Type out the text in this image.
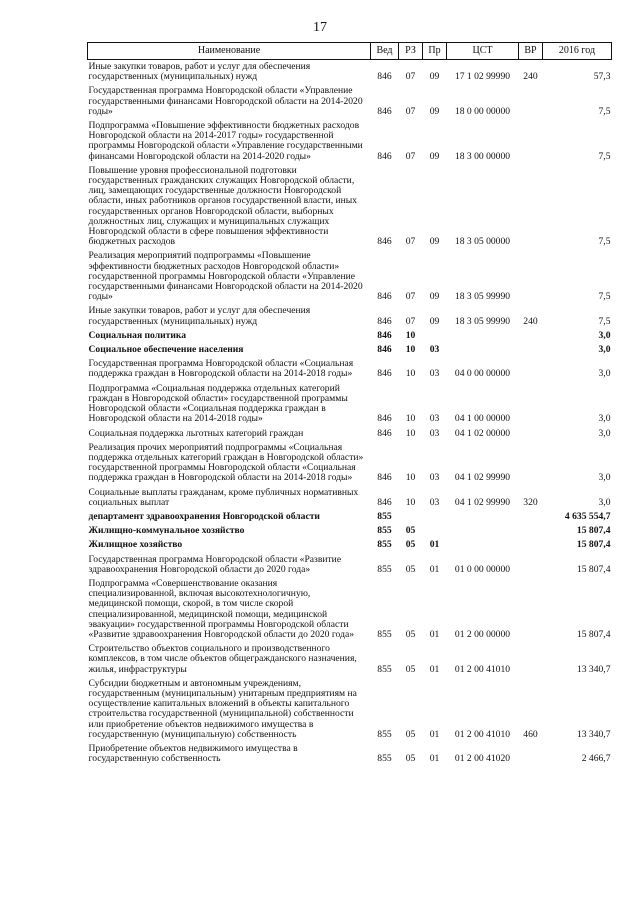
17
Наименование	Вед	РЗ	Пр	ЦСТ	ВР	2016 год
Иные закупки товаров, работ и услуг для обеспечения государственных (муниципальных) нужд	846	07	09	17 1 02 99990	240	57,3
Государственная программа Новгородской области «Управление государственными финансами Новгородской области на 2014-2020 годы»	846	07	09	18 0 00 00000		7,5
Подпрограмма «Повышение эффективности бюджетных расходов Новгородской области на 2014-2017 годы» государственной программы Новгородской области «Управление государственными финансами Новгородской области на 2014-2020 годы»	846	07	09	18 3 00 00000		7,5
Повышение уровня профессиональной подготовки государственных гражданских служащих Новгородской области, лиц, замещающих государственные должности Новгородской области, иных работников органов государственной власти, иных государственных органов Новгородской области, выборных должностных лиц, служащих и муниципальных служащих Новгородской области в сфере повышения эффективности бюджетных расходов	846	07	09	18 3 05 00000		7,5
Реализация мероприятий подпрограммы «Повышение эффективности бюджетных расходов Новгородской области» государственной программы Новгородской области «Управление государственными финансами Новгородской области на 2014-2020 годы»	846	07	09	18 3 05 99990		7,5
Иные закупки товаров, работ и услуг для обеспечения государственных (муниципальных) нужд	846	07	09	18 3 05 99990	240	7,5
Социальная политика	846	10				3,0
Социальное обеспечение населения	846	10	03			3,0
Государственная программа Новгородской области «Социальная поддержка граждан в Новгородской области на 2014-2018 годы»	846	10	03	04 0 00 00000		3,0
Подпрограмма «Социальная поддержка отдельных категорий граждан в Новгородской области» государственной программы Новгородской области «Социальная поддержка граждан в Новгородской области на 2014-2018 годы»	846	10	03	04 1 00 00000		3,0
Социальная поддержка льготных категорий граждан	846	10	03	04 1 02 00000		3,0
Реализация прочих мероприятий подпрограммы «Социальная поддержка отдельных категорий граждан в Новгородской области» государственной программы Новгородской области «Социальная поддержка граждан в Новгородской области на 2014-2018 годы»	846	10	03	04 1 02 99990		3,0
Социальные выплаты гражданам, кроме публичных нормативных социальных выплат	846	10	03	04 1 02 99990	320	3,0
департамент здравоохранения Новгородской области	855					4 635 554,7
Жилищно-коммунальное хозяйство	855	05				15 807,4
Жилищное хозяйство	855	05	01			15 807,4
Государственная программа Новгородской области «Развитие здравоохранения Новгородской области до 2020 года»	855	05	01	01 0 00 00000		15 807,4
Подпрограмма «Совершенствование оказания специализированной, включая высокотехнологичную, медицинской помощи, скорой, в том числе скорой специализированной, медицинской помощи, медицинской эвакуации» государственной программы Новгородской области «Развитие здравоохранения Новгородской области до 2020 года»	855	05	01	01 2 00 00000		15 807,4
Строительство объектов социального и производственного комплексов, в том числе объектов общегражданского назначения, жилья, инфраструктуры	855	05	01	01 2 00 41010		13 340,7
Субсидии бюджетным и автономным учреждениям, государственным (муниципальным) унитарным предприятиям на осуществление капитальных вложений в объекты капитального строительства государственной (муниципальной) собственности или приобретение объектов недвижимого имущества в государственную (муниципальную) собственность	855	05	01	01 2 00 41010	460	13 340,7
Приобретение объектов недвижимого имущества в государственную собственность	855	05	01	01 2 00 41020		2 466,7
